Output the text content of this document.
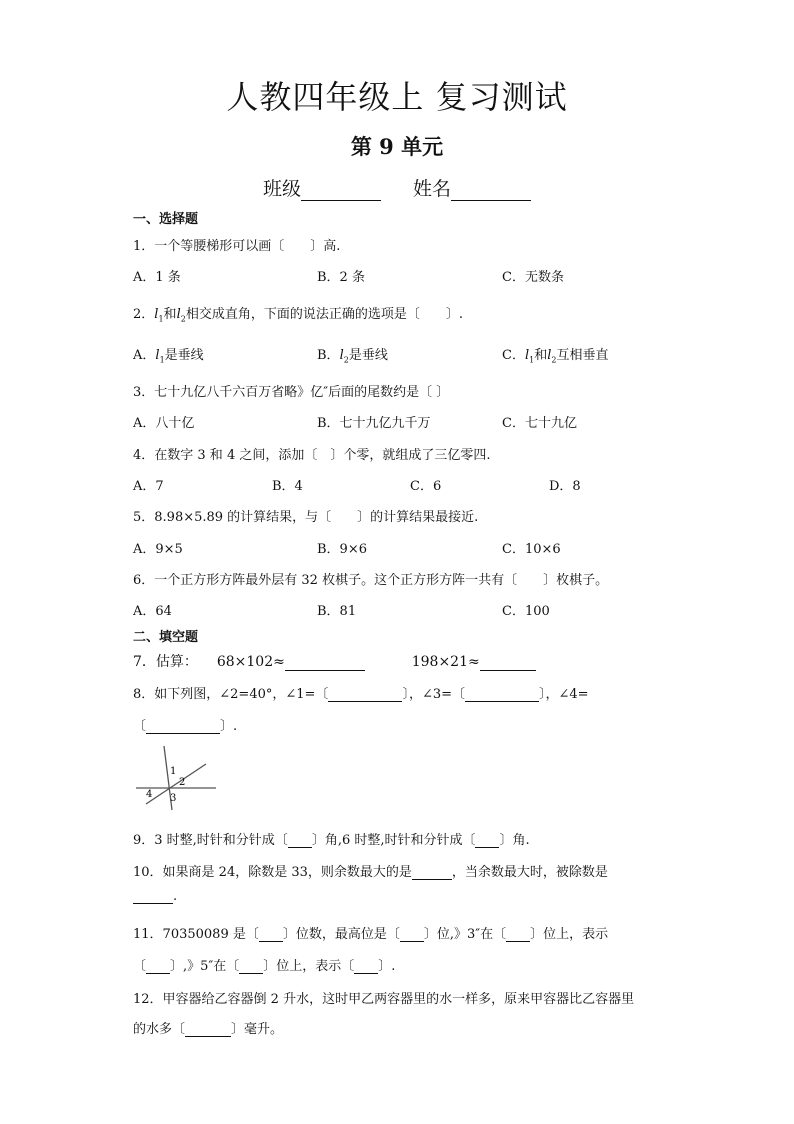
人教四年级上 复习测试
第 9 单元
班级	姓名
一、选择题
1．一个等腰梯形可以画〔　　〕高.
A．1 条	B．2 条	C．无数条
2．$l_1$和$l_2$相交成直角，下面的说法正确的选项是〔　　〕.
A．$l_1$是垂线	B．$l_2$是垂线	C．$l_1$和$l_2$互相垂直
3．七十九亿八千六百万省略》亿″后面的尾数约是〔 〕
A．八十亿	B．七十九亿九千万	C．七十九亿
4．在数字 3 和 4 之间，添加〔　〕个零，就组成了三亿零四.
A．7	B．4	C．6	D．8
5．8.98×5.89 的计算结果，与〔　　〕的计算结果最接近.
A．9×5	B．9×6	C．10×6
6．一个正方形方阵最外层有 32 枚棋子。这个正方形方阵一共有〔　　〕枚棋子。
A．64	B．81	C．100
二、填空题
7．估算： 68×102≈	198×21≈
8．如下列图，∠2=40°，∠1=〔	〕，∠3=〔	〕，∠4=
〔	〕.
1
2
3
4
9．3 时整,时针和分针成〔 〕角,6 时整,时针和分针成〔 〕角.
10．如果商是 24，除数是 33，则余数最大的是	，当余数最大时，被除数是
.
11．70350089 是〔 〕位数，最高位是〔 〕位,》3″在〔 〕位上，表示
〔 〕,》5″在〔 〕位上，表示〔 〕.
12．甲容器给乙容器倒 2 升水，这时甲乙两容器里的水一样多，原来甲容器比乙容器里
的水多〔	〕毫升。
